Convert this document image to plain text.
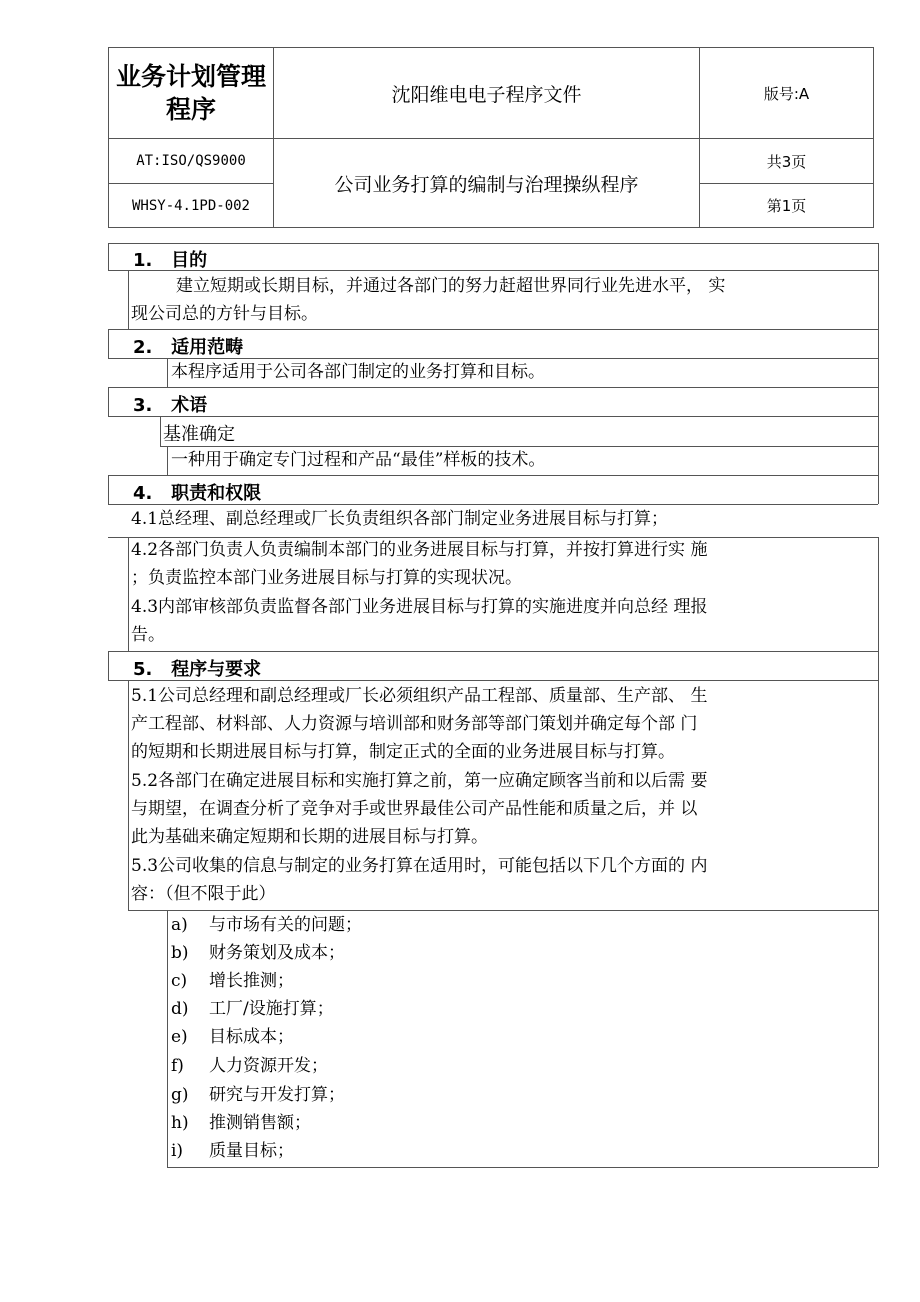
业务计划管理程序
沈阳维电电子程序文件	版号:A
AT:ISO/QS9000
WHSY-4.1PD-002
公司业务打算的编制与治理操纵程序
共3页
第1页
1.   目的
建立短期或长期目标，并通过各部门的努力赶超世界同行业先进水平， 实
现公司总的方针与目标。
2.   适用范畴
本程序适用于公司各部门制定的业务打算和目标。
3.   术语
基准确定
一种用于确定专门过程和产品“最佳”样板的技术。
4.   职责和权限
4.1总经理、副总经理或厂长负责组织各部门制定业务进展目标与打算；
4.2各部门负责人负责编制本部门的业务进展目标与打算，并按打算进行实 施
；负责监控本部门业务进展目标与打算的实现状况。
4.3内部审核部负责监督各部门业务进展目标与打算的实施进度并向总经 理报
告。
5.   程序与要求
5.1公司总经理和副总经理或厂长必须组织产品工程部、质量部、生产部、 生
产工程部、材料部、人力资源与培训部和财务部等部门策划并确定每个部 门
的短期和长期进展目标与打算，制定正式的全面的业务进展目标与打算。
5.2各部门在确定进展目标和实施打算之前，第一应确定顾客当前和以后需 要
与期望，在调查分析了竞争对手或世界最佳公司产品性能和质量之后，并 以
此为基础来确定短期和长期的进展目标与打算。
5.3公司收集的信息与制定的业务打算在适用时，可能包括以下几个方面的 内
容：（但不限于此）
a) 与市场有关的问题；
b) 财务策划及成本；
c) 增长推测；
d) 工厂/设施打算；
e) 目标成本；
f) 人力资源开发；
g) 研究与开发打算；
h) 推测销售额；
i) 质量目标；
